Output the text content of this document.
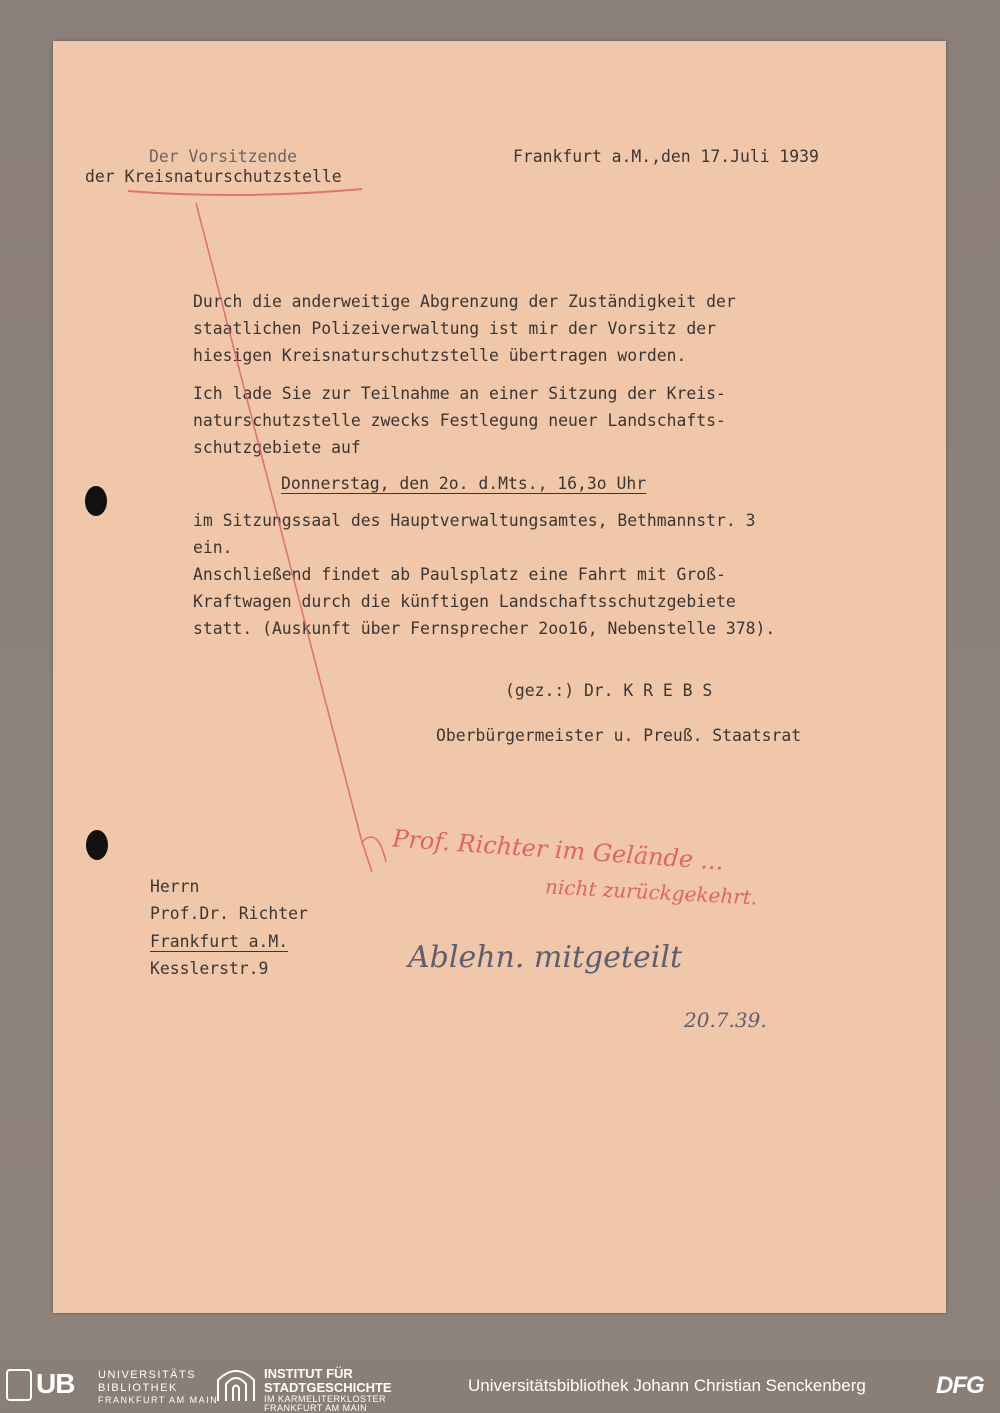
Der Vorsitzende
der Kreisnaturschutzstelle
Frankfurt a.M.,den 17.Juli 1939
Durch die anderweitige Abgrenzung der Zuständigkeit der
staatlichen Polizeiverwaltung ist mir der Vorsitz der
hiesigen Kreisnaturschutzstelle übertragen worden.
Ich lade Sie zur Teilnahme an einer Sitzung der Kreis-
naturschutzstelle zwecks Festlegung neuer Landschafts-
schutzgebiete auf
Donnerstag, den 2o. d.Mts., 16,3o Uhr
im Sitzungssaal des Hauptverwaltungsamtes, Bethmannstr. 3
ein.
Anschließend findet ab Paulsplatz eine Fahrt mit Groß-
Kraftwagen durch die künftigen Landschaftsschutzgebiete
statt. (Auskunft über Fernsprecher 2oo16, Nebenstelle 378).
(gez.:) Dr. K R E B S
Oberbürgermeister u. Preuß. Staatsrat
Herrn
Prof.Dr. Richter
Frankfurt a.M.
Kesslerstr.9
Prof. Richter im Gelände ...
nicht zurückgekehrt.
Ablehn. mitgeteilt
20.7.39.
UB UNIVERSITÄTS
BIBLIOTHEK
FRANKFURT AM MAIN
INSTITUT FÜR
STADTGESCHICHTE
IM KARMELITERKLOSTER
FRANKFURT AM MAIN
Universitätsbibliothek Johann Christian Senckenberg	DFG
